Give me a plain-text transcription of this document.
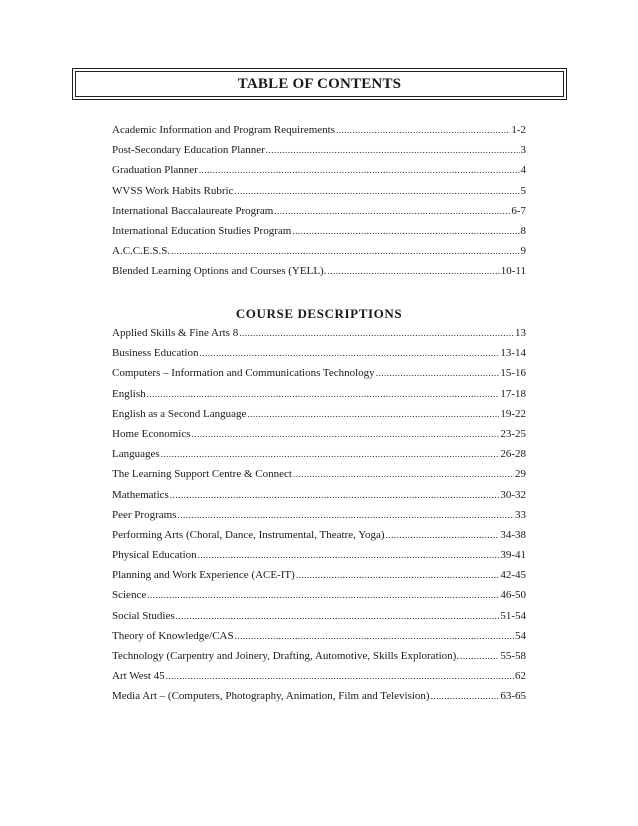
TABLE OF CONTENTS
Academic Information and Program Requirements .....	1-2
Post-Secondary Education Planner .....	3
Graduation Planner .....	4
WVSS Work Habits Rubric .....	5
International Baccalaureate Program .....	6-7
International Education Studies Program .....	8
A.C.C.E.S.S. .....	9
Blended Learning Options and Courses (YELL). .....	10-11
COURSE DESCRIPTIONS
Applied Skills & Fine Arts 8 .....	13
Business Education .....	13-14
Computers – Information and Communications Technology .....	15-16
English .....	17-18
English as a Second Language .....	19-22
Home Economics .....	23-25
Languages .....	26-28
The Learning Support Centre & Connect .....	29
Mathematics .....	30-32
Peer Programs .....	33
Performing Arts (Choral, Dance, Instrumental, Theatre, Yoga) .....	34-38
Physical Education .....	39-41
Planning and Work Experience (ACE-IT) .....	42-45
Science .....	46-50
Social Studies .....	51-54
Theory of Knowledge/CAS .....	54
Technology (Carpentry and Joinery, Drafting, Automotive, Skills Exploration). .....	55-58
Art West 45 .....	62
Media Art – (Computers, Photography, Animation, Film and Television) .....	63-65
